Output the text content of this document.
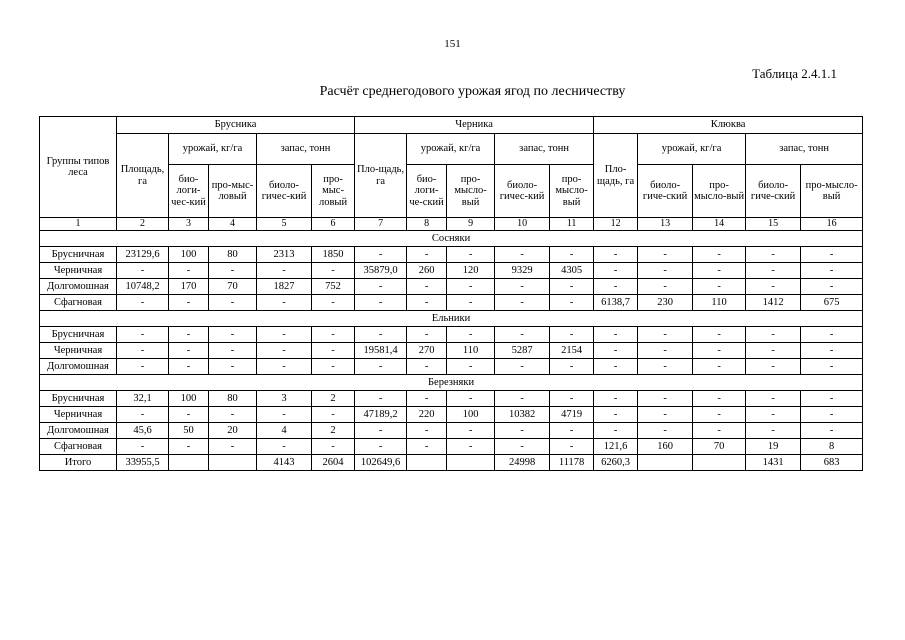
151
Таблица 2.4.1.1
Расчёт среднегодового урожая ягод по лесничеству
Группы типов леса	Брусника					Черника					Клюква				
	Площадь, га	урожай, кг/га		запас, тонн		Пло-щадь, га	урожай, кг/га		запас, тонн		Пло-щадь, га	урожай, кг/га		запас, тонн	
		био-логи-чес-кий	про-мыс-ловый	биоло-гичес-кий	про-мыс-ловый		био-логи-че-ский	про-мысло-вый	биоло-гичес-кий	про-мысло-вый		биоло-гиче-ский	про-мысло-вый	биоло-гиче-ский	про-мысло-вый
1	2	3	4	5	6	7	8	9	10	11	12	13	14	15	16
Сосняки															
Брусничная	23129,6	100	80	2313	1850	-	-	-	-	-	-	-	-	-	-
Черничная	-	-	-	-	-	35879,0	260	120	9329	4305	-	-	-	-	-
Долгомошная	10748,2	170	70	1827	752	-	-	-	-	-	-	-	-	-	-
Сфагновая	-	-	-	-	-	-	-	-	-	-	6138,7	230	110	1412	675
Ельники															
Брусничная	-	-	-	-	-	-	-	-	-	-	-	-	-	-	-
Черничная	-	-	-	-	-	19581,4	270	110	5287	2154	-	-	-	-	-
Долгомошная	-	-	-	-	-	-	-	-	-	-	-	-	-	-	-
Березняки															
Брусничная	32,1	100	80	3	2	-	-	-	-	-	-	-	-	-	-
Черничная	-	-	-	-	-	47189,2	220	100	10382	4719	-	-	-	-	-
Долгомошная	45,6	50	20	4	2	-	-	-	-	-	-	-	-	-	-
Сфагновая	-	-	-	-	-	-	-	-	-	-	121,6	160	70	19	8
Итого	33955,5			4143	2604	102649,6			24998	11178	6260,3			1431	683
